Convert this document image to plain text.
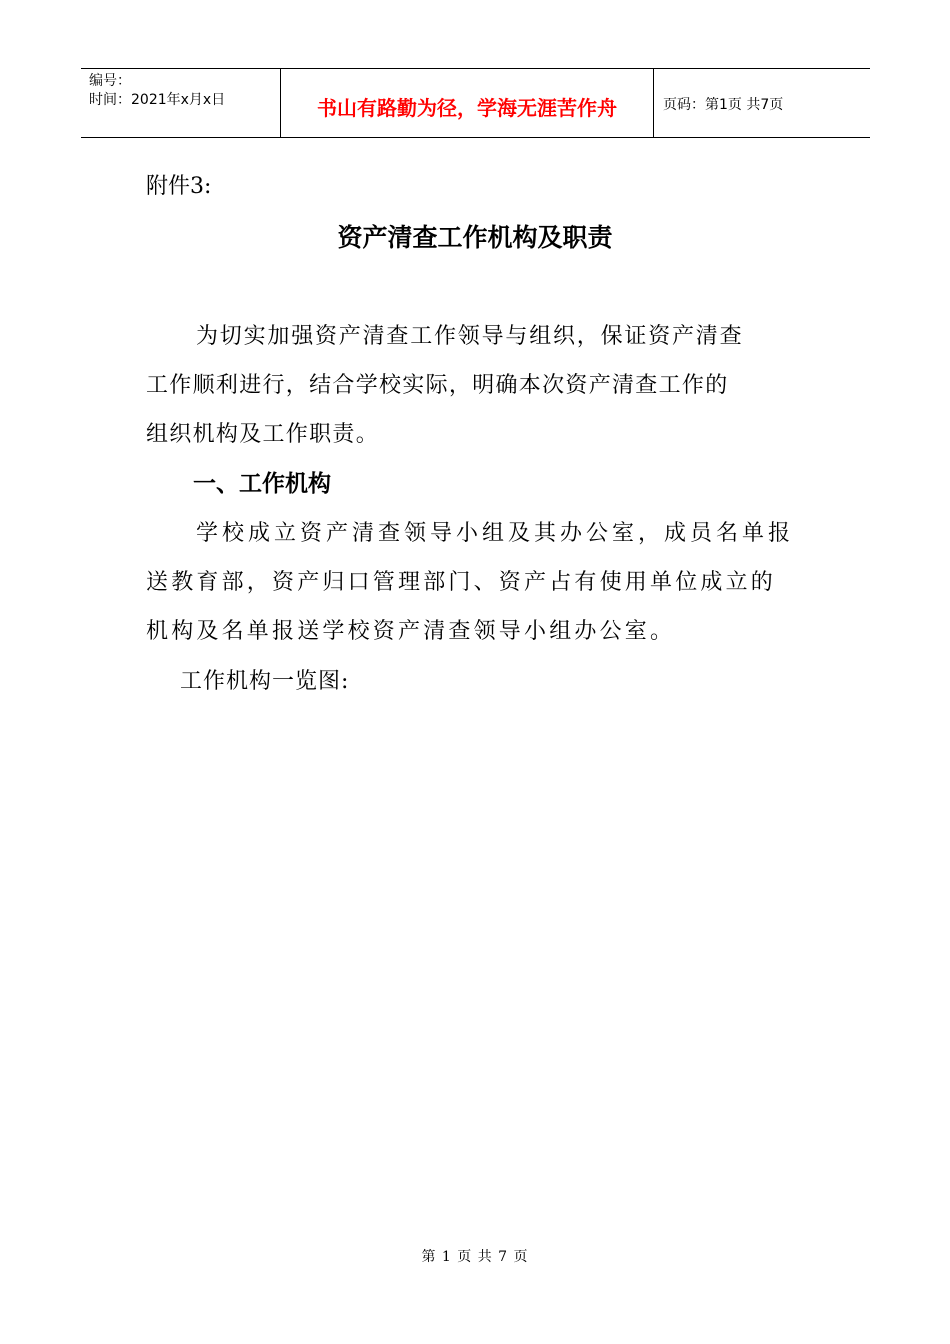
编号：
时间：2021年x月x日	书山有路勤为径，学海无涯苦作舟	页码：第1页 共7页
附件3:
资产清查工作机构及职责
为切实加强资产清查工作领导与组织，保证资产清查
工作顺利进行，结合学校实际，明确本次资产清查工作的
组织机构及工作职责。
一、工作机构
学校成立资产清查领导小组及其办公室，成员名单报
送教育部，资产归口管理部门、资产占有使用单位成立的
机构及名单报送学校资产清查领导小组办公室。
工作机构一览图:
第 1 页 共 7 页
